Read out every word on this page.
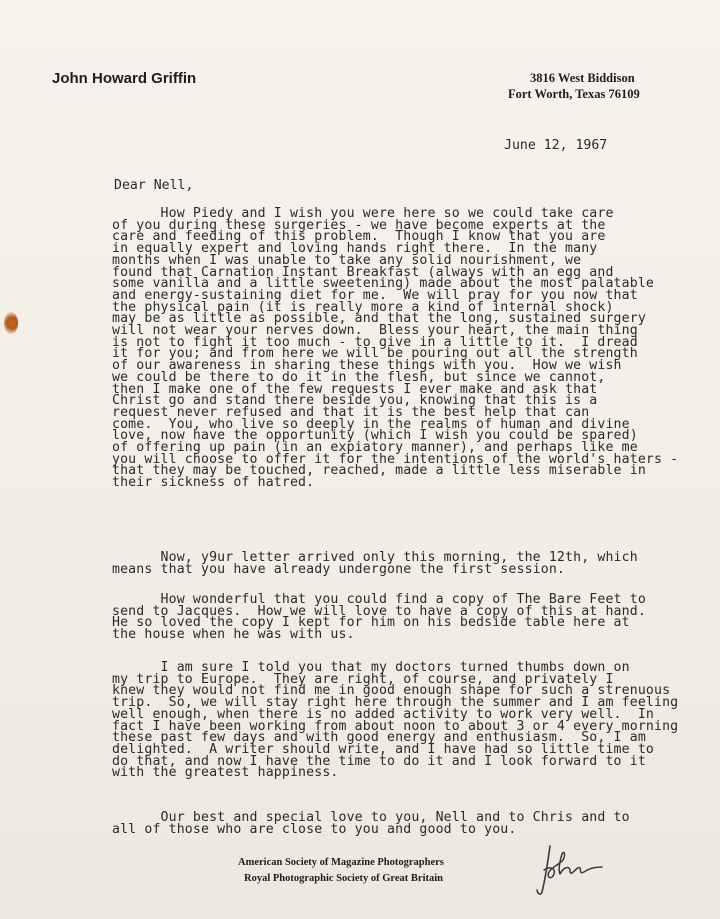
John Howard Griffin	3816 West Biddison
Fort Worth, Texas 76109
June 12, 1967
Dear Nell,
How Piedy and I wish you were here so we could take care
of you during these surgeries - we have become experts at the
care and feeding of this problem.  Though I know that you are
in equally expert and loving hands right there.  In the many
months when I was unable to take any solid nourishment, we
found that Carnation Instant Breakfast (always with an egg and
some vanilla and a little sweetening) made about the most palatable
and energy-sustaining diet for me.  We will pray for you now that
the physical pain (it is really more a kind of internal shock)
may be as little as possible, and that the long, sustained surgery
will not wear your nerves down.  Bless your heart, the main thing
is not to fight it too much - to give in a little to it.  I dread
it for you; and from here we will be pouring out all the strength
of our awareness in sharing these things with you.  How we wish
we could be there to do it in the flesh, but since we cannot,
then I make one of the few requests I ever make and ask that
Christ go and stand there beside you, knowing that this is a
request never refused and that it is the best help that can
come.  You, who live so deeply in the realms of human and divine
love, now have the opportunity (which I wish you could be spared)
of offering up pain (in an expiatory manner), and perhaps like me
you will choose to offer it for the intentions of the world's haters -
that they may be touched, reached, made a little less miserable in
their sickness of hatred.
Now, y9ur letter arrived only this morning, the 12th, which
means that you have already undergone the first session.
How wonderful that you could find a copy of The Bare Feet to
send to Jacques.  How we will love to have a copy of this at hand.
He so loved the copy I kept for him on his bedside table here at
the house when he was with us.
I am sure I told you that my doctors turned thumbs down on
my trip to Europe.  They are right, of course, and privately I
knew they would not find me in good enough shape for such a strenuous
trip.  So, we will stay right here through the summer and I am feeling
well enough, when there is no added activity to work very well.  In
fact I have been working from about noon to about 3 or 4 every morning
these past few days and with good energy and enthusiasm.  So, I am
delighted.  A writer should write, and I have had so little time to
do that, and now I have the time to do it and I look forward to it
with the greatest happiness.
Our best and special love to you, Nell and to Chris and to
all of those who are close to you and good to you.
American Society of Magazine Photographers
Royal Photographic Society of Great Britain
